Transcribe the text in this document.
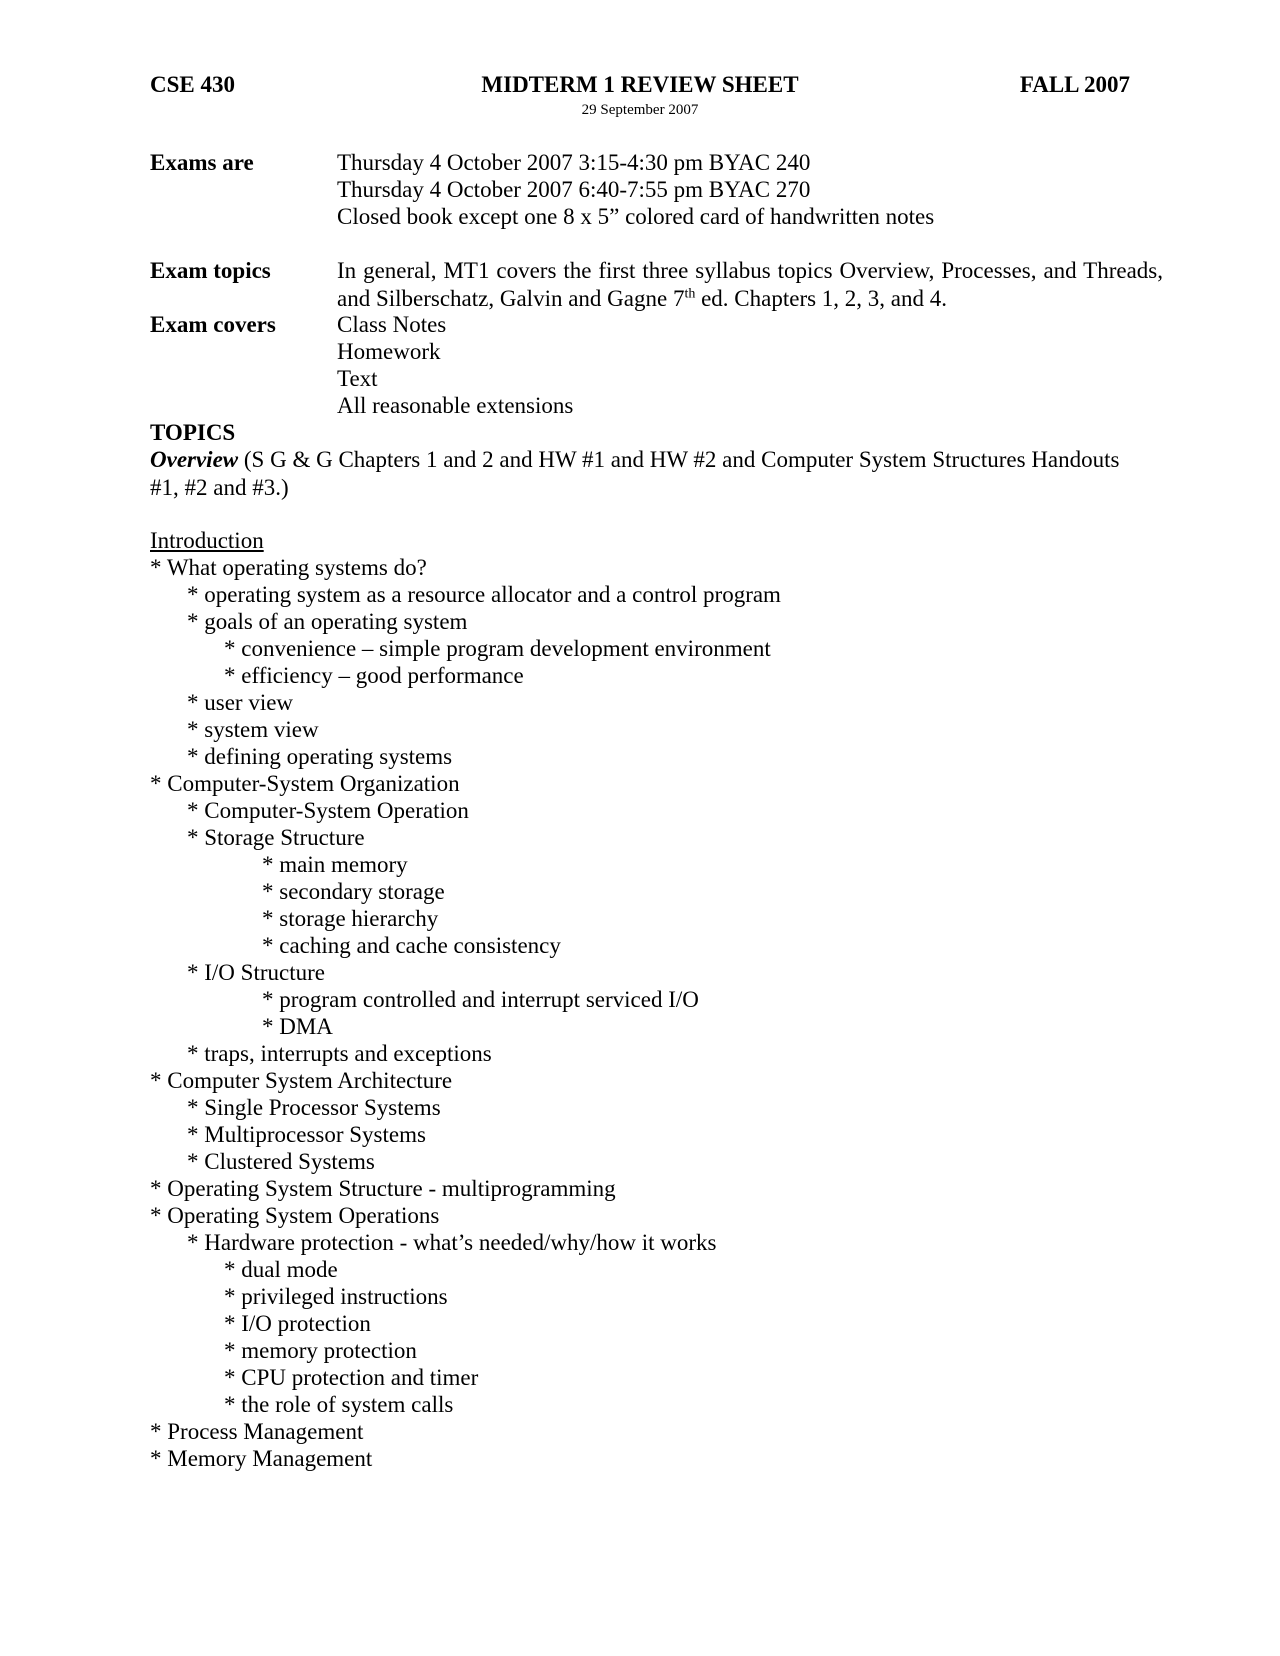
CSE 430	MIDTERM 1 REVIEW SHEET	FALL 2007
29 September 2007
Exams are	Thursday 4 October 2007 3:15-4:30 pm BYAC 240
Thursday 4 October 2007 6:40-7:55 pm BYAC 270
Closed book except one 8 x 5” colored card of handwritten notes
Exam topics	In general, MT1 covers the first three syllabus topics Overview, Processes, and Threads, and Silberschatz, Galvin and Gagne 7th ed. Chapters 1, 2, 3, and 4.
Exam covers	Class Notes
Homework
Text
All reasonable extensions
TOPICS
Overview (S G & G Chapters 1 and 2 and HW #1 and HW #2 and Computer System Structures Handouts #1, #2 and #3.)
Introduction
* What operating systems do?
* operating system as a resource allocator and a control program
* goals of an operating system
* convenience – simple program development environment
* efficiency – good performance
* user view
* system view
* defining operating systems
* Computer-System Organization
* Computer-System Operation
* Storage Structure
* main memory
* secondary storage
* storage hierarchy
* caching and cache consistency
* I/O Structure
* program controlled and interrupt serviced I/O
* DMA
* traps, interrupts and exceptions
* Computer System Architecture
* Single Processor Systems
* Multiprocessor Systems
* Clustered Systems
* Operating System Structure - multiprogramming
* Operating System Operations
* Hardware protection - what’s needed/why/how it works
* dual mode
* privileged instructions
* I/O protection
* memory protection
* CPU protection and timer
* the role of system calls
* Process Management
* Memory Management
